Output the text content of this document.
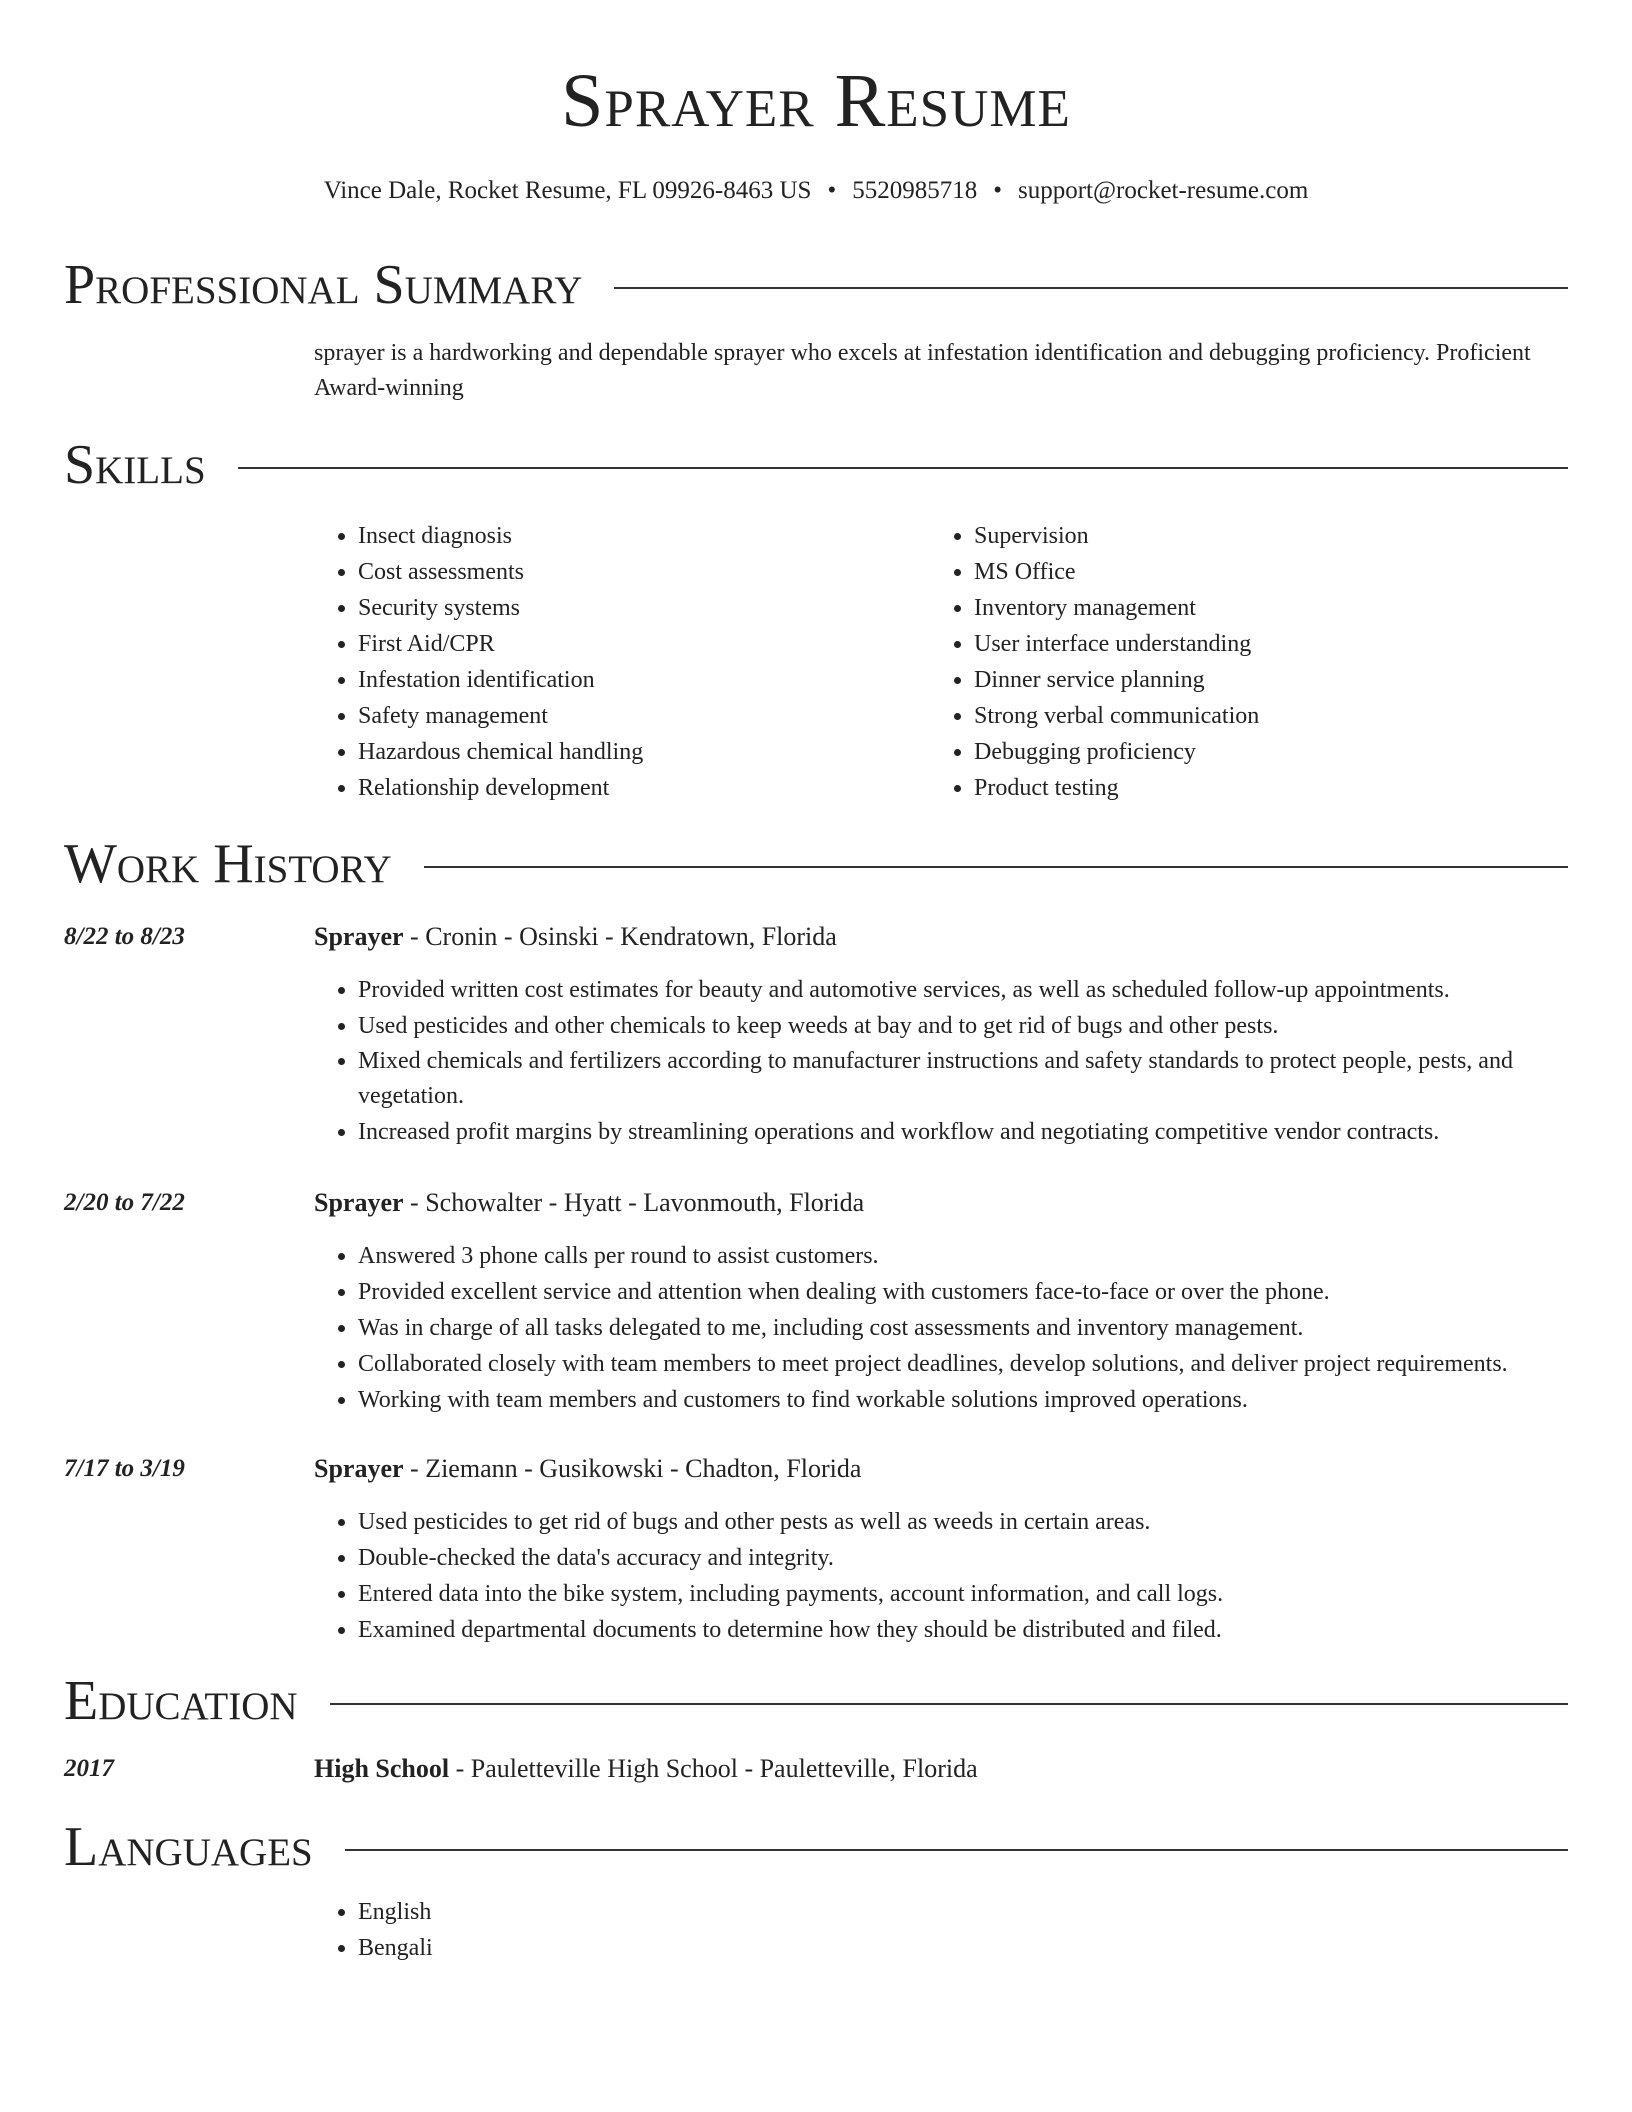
Sprayer Resume
Vince Dale, Rocket Resume, FL 09926-8463 US • 5520985718 • support@rocket-resume.com
Professional Summary
sprayer is a hardworking and dependable sprayer who excels at infestation identification and debugging proficiency. Proficient Award-winning
Skills
• Insect diagnosis
• Cost assessments
• Security systems
• First Aid/CPR
• Infestation identification
• Safety management
• Hazardous chemical handling
• Relationship development
• Supervision
• MS Office
• Inventory management
• User interface understanding
• Dinner service planning
• Strong verbal communication
• Debugging proficiency
• Product testing
Work History
8/22 to 8/23	Sprayer - Cronin - Osinski - Kendratown, Florida
• Provided written cost estimates for beauty and automotive services, as well as scheduled follow-up appointments.
• Used pesticides and other chemicals to keep weeds at bay and to get rid of bugs and other pests.
• Mixed chemicals and fertilizers according to manufacturer instructions and safety standards to protect people, pests, and vegetation.
• Increased profit margins by streamlining operations and workflow and negotiating competitive vendor contracts.
2/20 to 7/22	Sprayer - Schowalter - Hyatt - Lavonmouth, Florida
• Answered 3 phone calls per round to assist customers.
• Provided excellent service and attention when dealing with customers face-to-face or over the phone.
• Was in charge of all tasks delegated to me, including cost assessments and inventory management.
• Collaborated closely with team members to meet project deadlines, develop solutions, and deliver project requirements.
• Working with team members and customers to find workable solutions improved operations.
7/17 to 3/19	Sprayer - Ziemann - Gusikowski - Chadton, Florida
• Used pesticides to get rid of bugs and other pests as well as weeds in certain areas.
• Double-checked the data's accuracy and integrity.
• Entered data into the bike system, including payments, account information, and call logs.
• Examined departmental documents to determine how they should be distributed and filed.
Education
2017	High School - Pauletteville High School - Pauletteville, Florida
Languages
• English
• Bengali
